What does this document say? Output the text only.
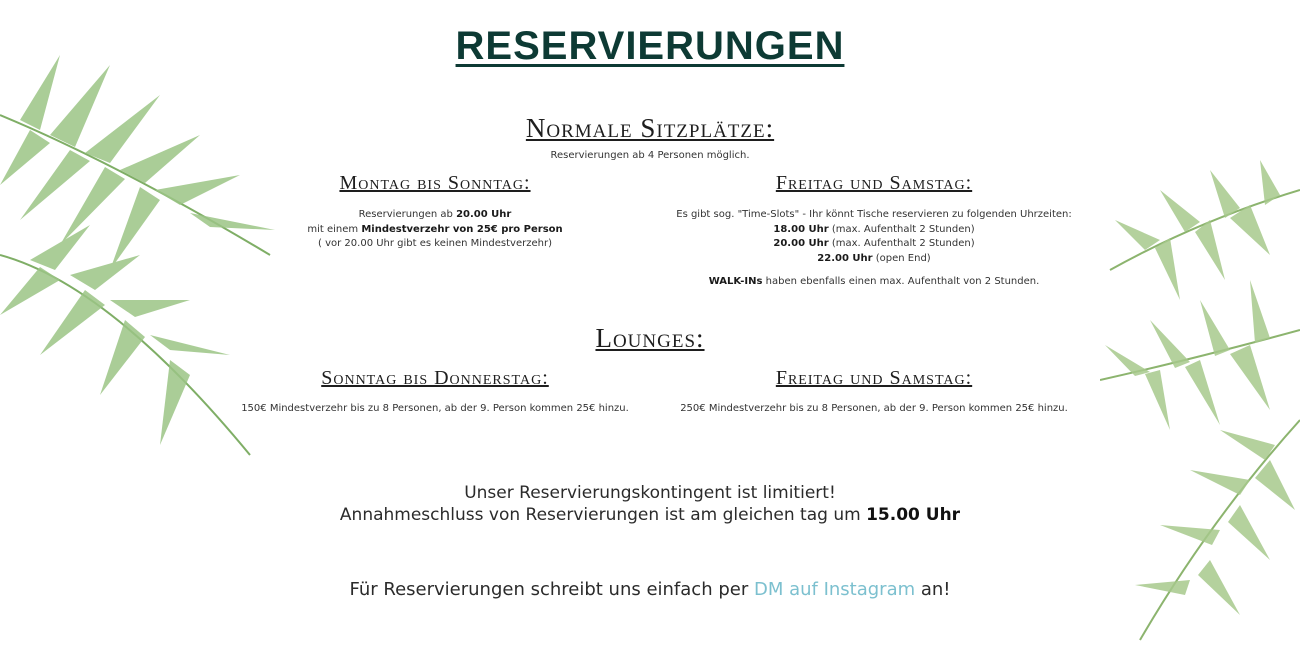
RESERVIERUNGEN
Normale Sitzplätze:
Reservierungen ab 4 Personen möglich.
Montag bis Sonntag:
Reservierungen ab 20.00 Uhr
mit einem Mindestverzehr von 25€ pro Person
( vor 20.00 Uhr gibt es keinen Mindestverzehr)
Freitag und Samstag:
Es gibt sog. "Time-Slots" - Ihr könnt Tische reservieren zu folgenden Uhrzeiten:
18.00 Uhr (max. Aufenthalt 2 Stunden)
20.00 Uhr (max. Aufenthalt 2 Stunden)
22.00 Uhr (open End)
WALK-INs haben ebenfalls einen max. Aufenthalt von 2 Stunden.
Lounges:
Sonntag bis Donnerstag:
150€ Mindestverzehr bis zu 8 Personen, ab der 9. Person kommen 25€ hinzu.
Freitag und Samstag:
250€ Mindestverzehr bis zu 8 Personen, ab der 9. Person kommen 25€ hinzu.
Unser Reservierungskontingent ist limitiert!
Annahmeschluss von Reservierungen ist am gleichen tag um 15.00 Uhr
Für Reservierungen schreibt uns einfach per DM auf Instagram an!
